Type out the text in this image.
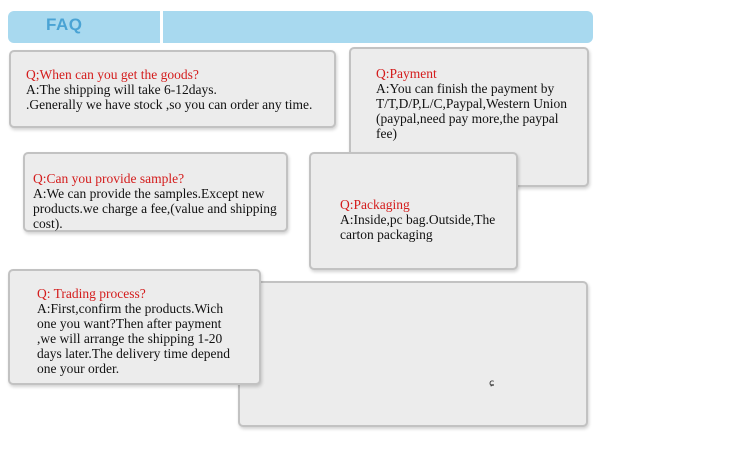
FAQ
Q;When can you get the goods?
A:The shipping will take 6-12days.
.Generally we have stock ,so you can order any time.
Q:Payment
A:You can finish the payment by
T/T,D/P,L/C,Paypal,Western Union
(paypal,need pay more,the paypal
fee)
Q:Can you provide sample?
A:We can provide the samples.Except new
products.we charge a fee,(value and shipping
cost).
Q:Packaging
A:Inside,pc bag.Outside,The
carton packaging
ɕ
Q: Trading process?
A:First,confirm the products.Wich
one you want?Then after payment
,we will arrange the shipping 1-20
days later.The delivery time depend
one your order.
